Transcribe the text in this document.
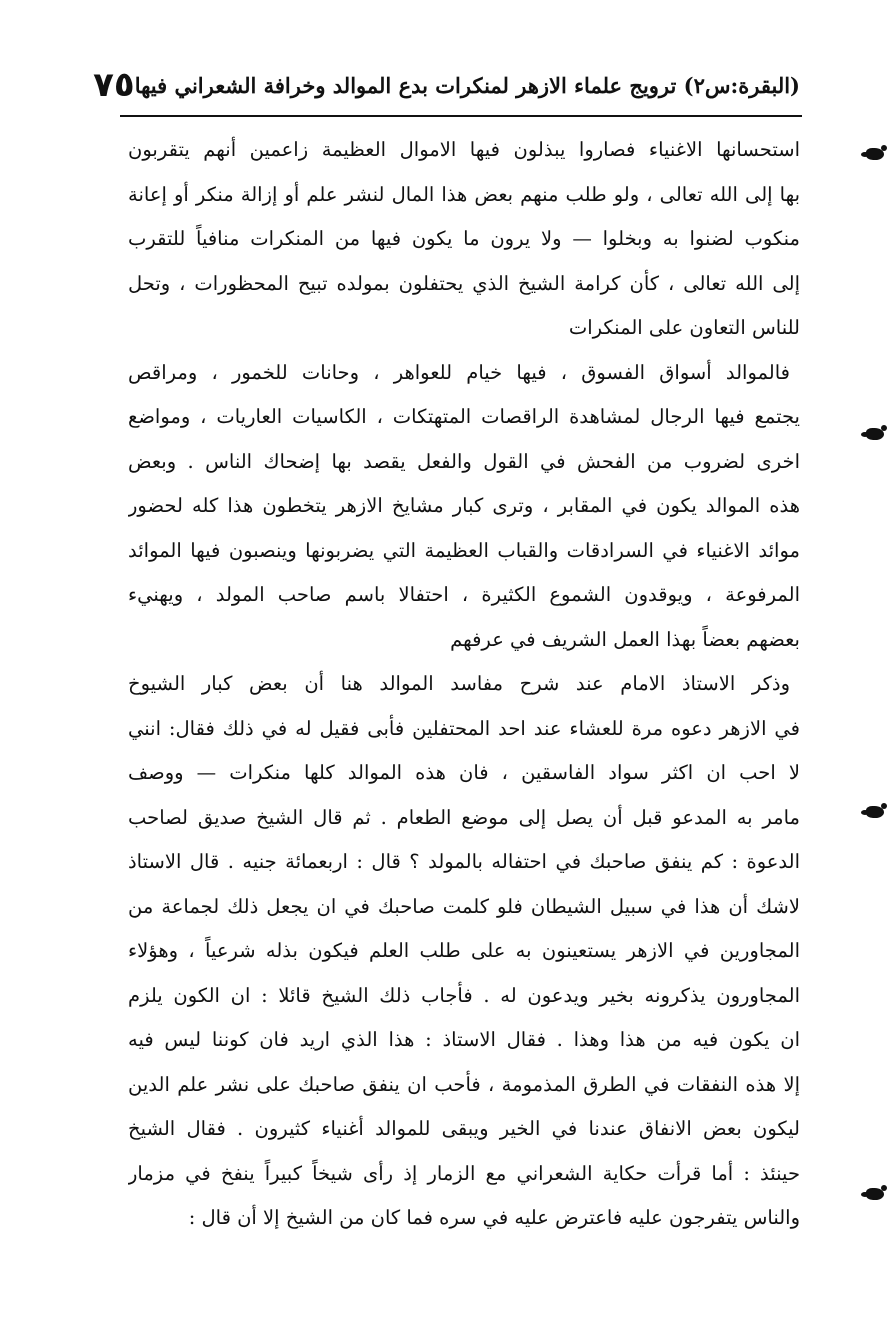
(البقرة:س٢) ترويج علماء الازهر لمنكرات بدع الموالد وخرافة الشعراني فيها
٧٥
استحسانها الاغنياء فصاروا يبذلون فيها الاموال العظيمة زاعمين أنهم يتقربون
بها إلى الله تعالى ، ولو طلب منهم بعض هذا المال لنشر علم أو إزالة منكر أو إعانة
منكوب لضنوا به وبخلوا — ولا يرون ما يكون فيها من المنكرات منافياً للتقرب
إلى الله تعالى ، كأن كرامة الشيخ الذي يحتفلون بمولده تبيح المحظورات ، وتحل
للناس التعاون على المنكرات
فالموالد أسواق الفسوق ، فيها خيام للعواهر ، وحانات للخمور ، ومراقص
يجتمع فيها الرجال لمشاهدة الراقصات المتهتكات ، الكاسيات العاريات ، ومواضع
اخرى لضروب من الفحش في القول والفعل يقصد بها إضحاك الناس . وبعض
هذه الموالد يكون في المقابر ، وترى كبار مشايخ الازهر يتخطون هذا كله لحضور
موائد الاغنياء في السرادقات والقباب العظيمة التي يضربونها وينصبون فيها الموائد
المرفوعة ، ويوقدون الشموع الكثيرة ، احتفالا باسم صاحب المولد ، ويهنيء
بعضهم بعضاً بهذا العمل الشريف في عرفهم
وذكر الاستاذ الامام عند شرح مفاسد الموالد هنا أن بعض كبار الشيوخ
في الازهر دعوه مرة للعشاء عند احد المحتفلين فأبى فقيل له في ذلك فقال: انني
لا احب ان اكثر سواد الفاسقين ، فان هذه الموالد كلها منكرات — ووصف
مامر به المدعو قبل أن يصل إلى موضع الطعام . ثم قال الشيخ صديق لصاحب
الدعوة : كم ينفق صاحبك في احتفاله بالمولد ؟ قال : اربعمائة جنيه . قال الاستاذ
لاشك أن هذا في سبيل الشيطان فلو كلمت صاحبك في ان يجعل ذلك لجماعة من
المجاورين في الازهر يستعينون به على طلب العلم فيكون بذله شرعياً ، وهؤلاء
المجاورون يذكرونه بخير ويدعون له . فأجاب ذلك الشيخ قائلا : ان الكون يلزم
ان يكون فيه من هذا وهذا . فقال الاستاذ : هذا الذي اريد فان كوننا ليس فيه
إلا هذه النفقات في الطرق المذمومة ، فأحب ان ينفق صاحبك على نشر علم الدين
ليكون بعض الانفاق عندنا في الخير ويبقى للموالد أغنياء كثيرون . فقال الشيخ
حينئذ : أما قرأت حكاية الشعراني مع الزمار إذ رأى شيخاً كبيراً ينفخ في مزمار
والناس يتفرجون عليه فاعترض عليه في سره فما كان من الشيخ إلا أن قال :
